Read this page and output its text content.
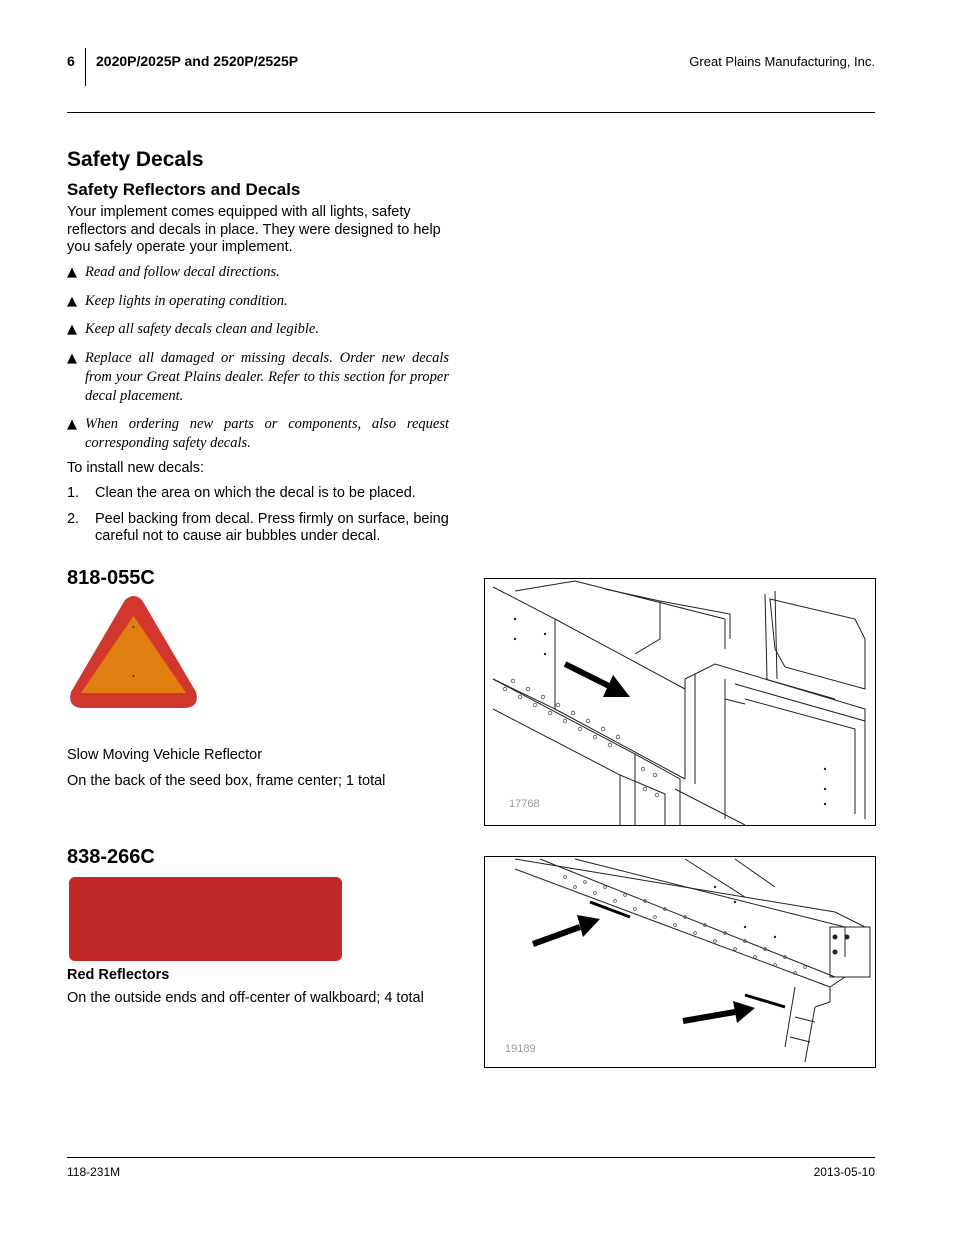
6 2020P/2025P and 2520P/2525P	Great Plains Manufacturing, Inc.
Safety Decals
Safety Reflectors and Decals
Your implement comes equipped with all lights, safety reflectors and decals in place. They were designed to help you safely operate your implement.
▲ Read and follow decal directions.
▲ Keep lights in operating condition.
▲ Keep all safety decals clean and legible.
▲ Replace all damaged or missing decals. Order new decals from your Great Plains dealer. Refer to this section for proper decal placement.
▲ When ordering new parts or components, also request corresponding safety decals.
To install new decals:
1. Clean the area on which the decal is to be placed.
2. Peel backing from decal. Press firmly on surface, being careful not to cause air bubbles under decal.
818-055C
Slow Moving Vehicle Reflector
On the back of the seed box, frame center; 1 total
17768
838-266C
Red Reflectors
On the outside ends and off-center of walkboard; 4 total
19189
118-231M	2013-05-10
